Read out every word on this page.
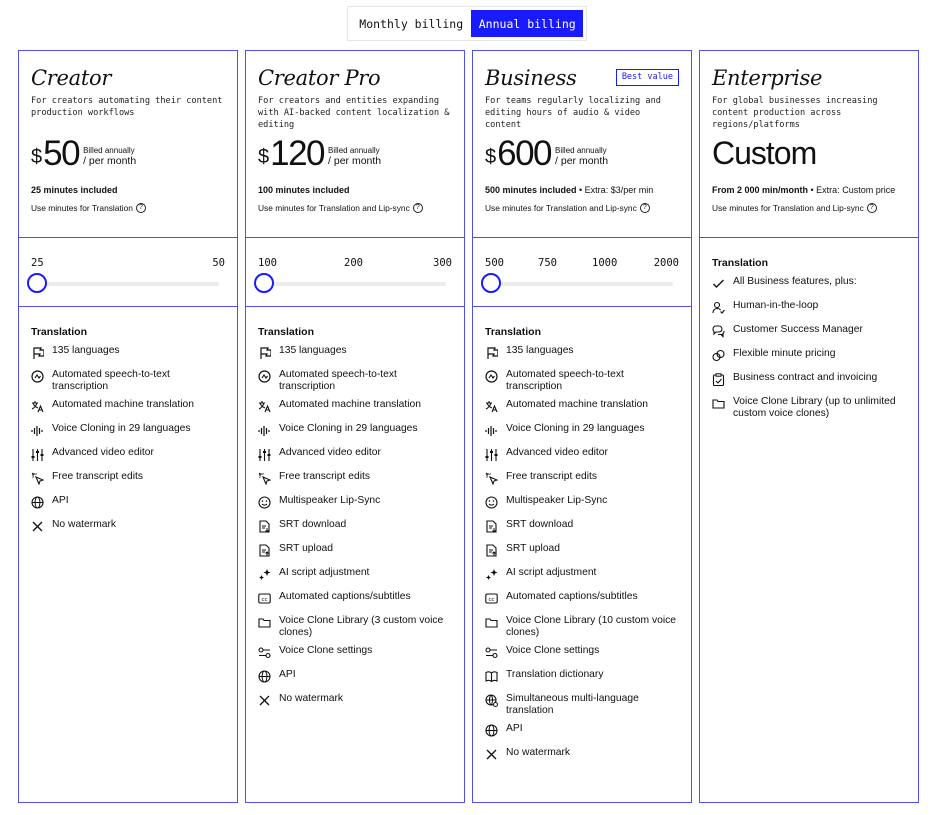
Monthly billing	Annual billing
Creator
For creators automating their content production workflows
$ 50 Billed annually
/ per month
25 minutes included
Use minutes for Translation ?
25	50
Translation
135 languages
Automated speech-to-text transcription
Automated machine translation
Voice Cloning in 29 languages
Advanced video editor
Free transcript edits
API
No watermark
Creator Pro
For creators and entities expanding with AI-backed content localization & editing
$ 120 Billed annually
/ per month
100 minutes included
Use minutes for Translation and Lip-sync ?
100	200	300
Translation
135 languages
Automated speech-to-text transcription
Automated machine translation
Voice Cloning in 29 languages
Advanced video editor
Free transcript edits
Multispeaker Lip-Sync
SRT download
SRT upload
AI script adjustment
cc Automated captions/subtitles
Voice Clone Library (3 custom voice clones)
Voice Clone settings
API
No watermark
Business	Best value
For teams regularly localizing and editing hours of audio & video content
$ 600 Billed annually
/ per month
500 minutes included • Extra: $3/per min
Use minutes for Translation and Lip-sync ?
500	750	1000	2000
Translation
135 languages
Automated speech-to-text transcription
Automated machine translation
Voice Cloning in 29 languages
Advanced video editor
Free transcript edits
Multispeaker Lip-Sync
SRT download
SRT upload
AI script adjustment
cc Automated captions/subtitles
Voice Clone Library (10 custom voice clones)
Voice Clone settings
Translation dictionary
Simultaneous multi-language translation
API
No watermark
Enterprise
For global businesses increasing content production across regions/platforms
Custom
From 2 000 min/month • Extra: Custom price
Use minutes for Translation and Lip-sync ?
Translation
All Business features, plus:
Human-in-the-loop
Customer Success Manager
Flexible minute pricing
Business contract and invoicing
Voice Clone Library (up to unlimited custom voice clones)
